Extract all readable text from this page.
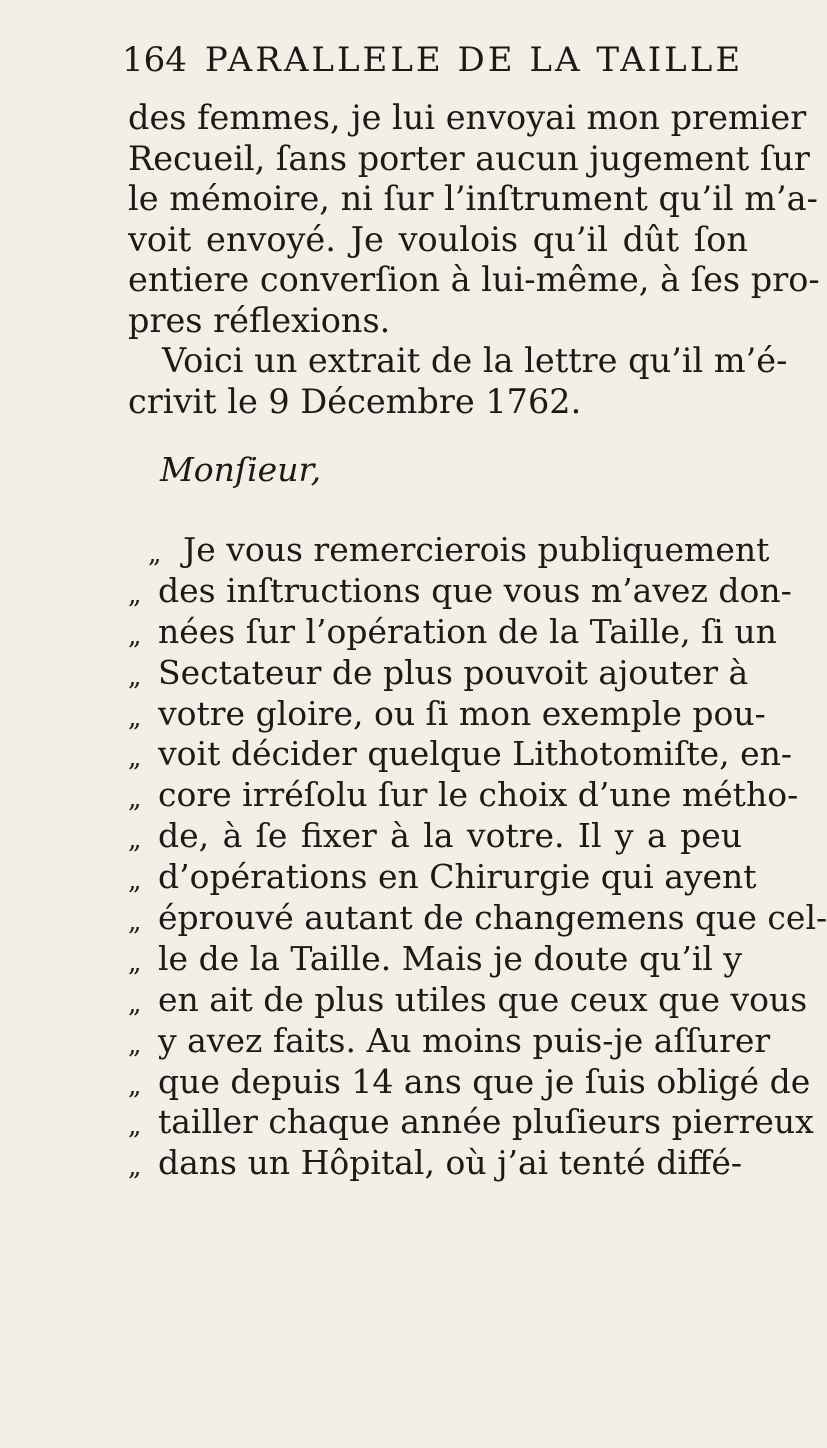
164 PARALLELE DE LA TAILLE
des femmes, je lui envoyai mon premier
Recueil, ſans porter aucun jugement ſur
le mémoire, ni ſur l’inſtrument qu’il m’a-
voit envoyé. Je voulois qu’il dût ſon
entiere converſion à lui-même, à ſes pro-
pres réflexions.
Voici un extrait de la lettre qu’il m’é-
crivit le 9 Décembre 1762.
Monſieur,
„ Je vous remercierois publiquement
„ des inſtructions que vous m’avez don-
„ nées ſur l’opération de la Taille, ſi un
„ Sectateur de plus pouvoit ajouter à
„ votre gloire, ou ſi mon exemple pou-
„ voit décider quelque Lithotomiſte, en-
„ core irréſolu ſur le choix d’une métho-
„ de, à ſe fixer à la votre. Il y a peu
„ d’opérations en Chirurgie qui ayent
„ éprouvé autant de changemens que cel-
„ le de la Taille. Mais je doute qu’il y
„ en ait de plus utiles que ceux que vous
„ y avez faits. Au moins puis-je aſſurer
„ que depuis 14 ans que je ſuis obligé de
„ tailler chaque année pluſieurs pierreux
„ dans un Hôpital, où j’ai tenté diffé-
